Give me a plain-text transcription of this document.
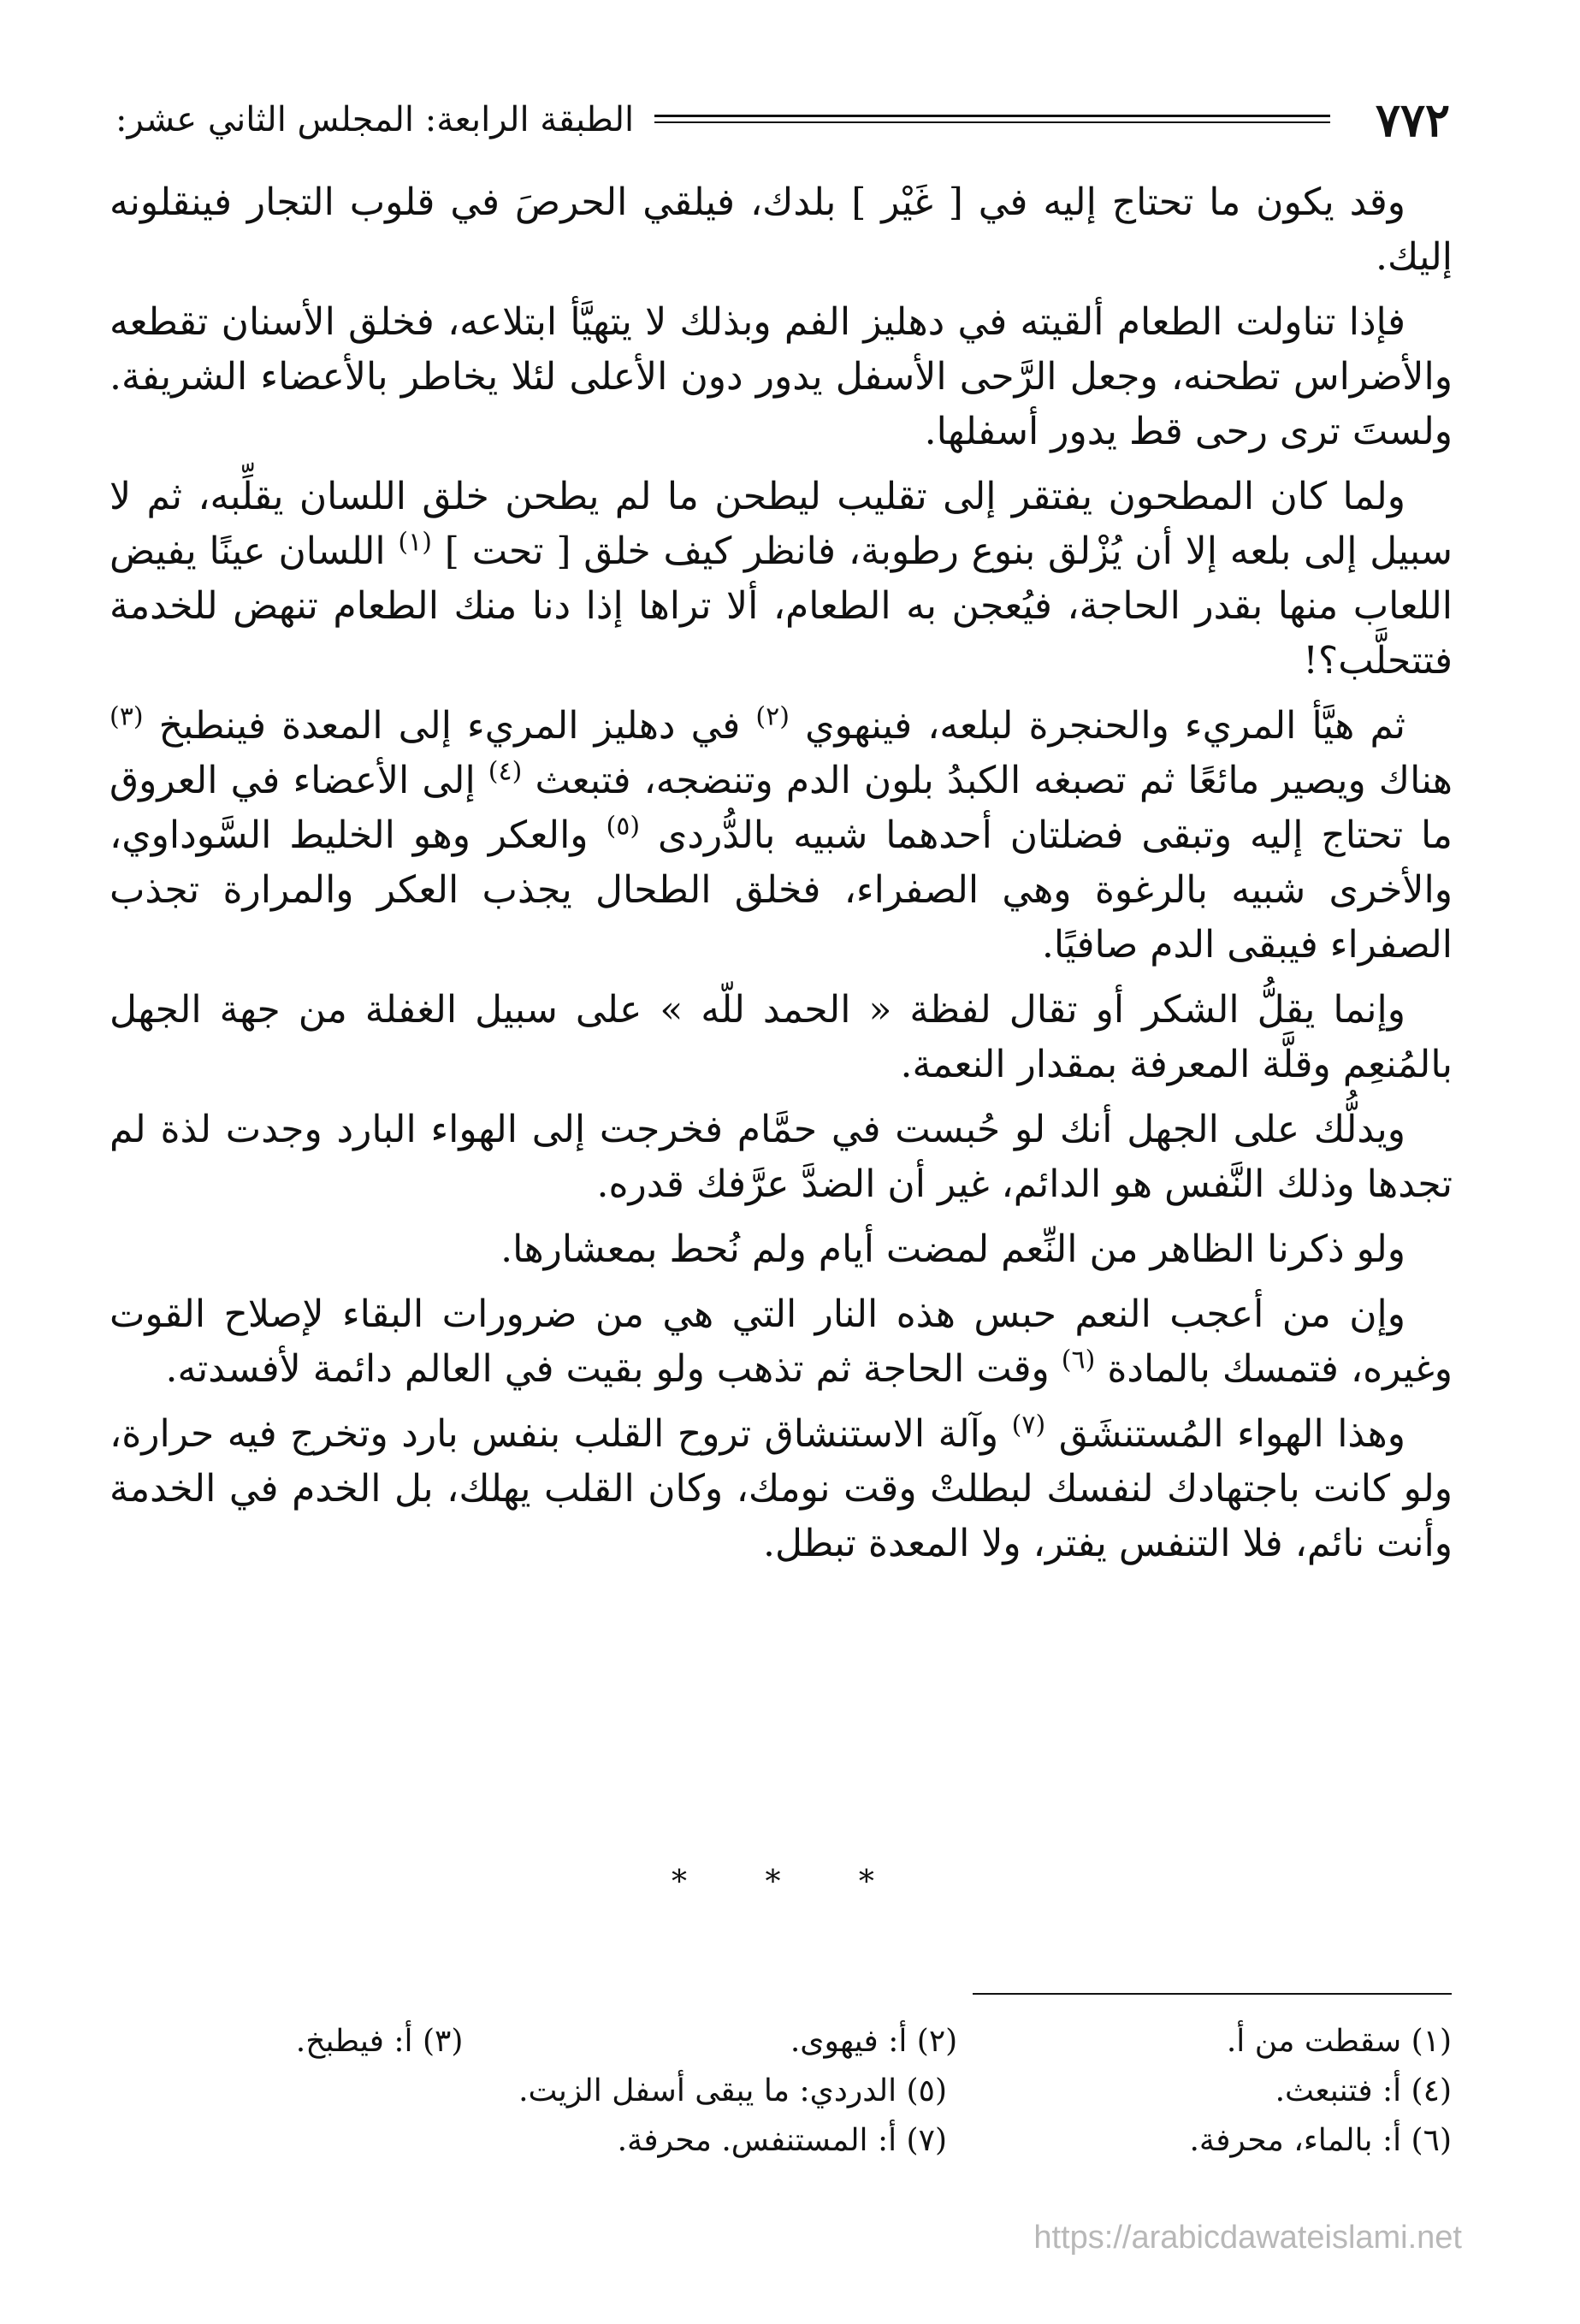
٧٧٢
الطبقة الرابعة: المجلس الثاني عشر:

وقد يكون ما تحتاج إليه في [ غَيْر ] بلدك، فيلقي الحرصَ في قلوب التجار فينقلونه إليك.

فإذا تناولت الطعام ألقيته في دهليز الفم وبذلك لا يتهيَّأ ابتلاعه، فخلق الأسنان تقطعه والأضراس تطحنه، وجعل الرَّحى الأسفل يدور دون الأعلى لئلا يخاطر بالأعضاء الشريفة. ولستَ ترى رحى قط يدور أسفلها.

ولما كان المطحون يفتقر إلى تقليب ليطحن ما لم يطحن خلق اللسان يقلِّبه، ثم لا سبيل إلى بلعه إلا أن يُزْلق بنوع رطوبة، فانظر كيف خلق [ تحت ] $^{(١)}$ اللسان عينًا يفيض اللعاب منها بقدر الحاجة، فيُعجن به الطعام، ألا تراها إذا دنا منك الطعام تنهض للخدمة فتتحلَّب؟!

ثم هيَّأ المريء والحنجرة لبلعه، فينهوي $^{(٢)}$ في دهليز المريء إلى المعدة فينطبخ $^{(٣)}$ هناك ويصير مائعًا ثم تصبغه الكبدُ بلون الدم وتنضجه، فتبعث $^{(٤)}$ إلى الأعضاء في العروق ما تحتاج إليه وتبقى فضلتان أحدهما شبيه بالدُّردى $^{(٥)}$ والعكر وهو الخليط السَّوداوي، والأخرى شبيه بالرغوة وهي الصفراء، فخلق الطحال يجذب العكر والمرارة تجذب الصفراء فيبقى الدم صافيًا.

وإنما يقلُّ الشكر أو تقال لفظة « الحمد للّه » على سبيل الغفلة من جهة الجهل بالمُنعِم وقلَّة المعرفة بمقدار النعمة.

ويدلُّك على الجهل أنك لو حُبست في حمَّام فخرجت إلى الهواء البارد وجدت لذة لم تجدها وذلك النَّفس هو الدائم، غير أن الضدَّ عرَّفك قدره.

ولو ذكرنا الظاهر من النِّعم لمضت أيام ولم نُحط بمعشارها.

وإن من أعجب النعم حبس هذه النار التي هي من ضرورات البقاء لإصلاح القوت وغيره، فتمسك بالمادة $^{(٦)}$ وقت الحاجة ثم تذهب ولو بقيت في العالم دائمة لأفسدته.

وهذا الهواء المُستنشَق $^{(٧)}$ وآلة الاستنشاق تروح القلب بنفس بارد وتخرج فيه حرارة، ولو كانت باجتهادك لنفسك لبطلتْ وقت نومك، وكان القلب يهلك، بل الخدم في الخدمة وأنت نائم، فلا التنفس يفتر، ولا المعدة تبطل.

* * *
(١) سقطت من أ.
(٢) أ: فيهوى.
(٣) أ: فيطبخ.
(٤) أ: فتنبعث.
(٥) الدردي: ما يبقى أسفل الزيت.
(٦) أ: بالماء، محرفة.
(٧) أ: المستنفس. محرفة.
https://arabicdawateislami.net
